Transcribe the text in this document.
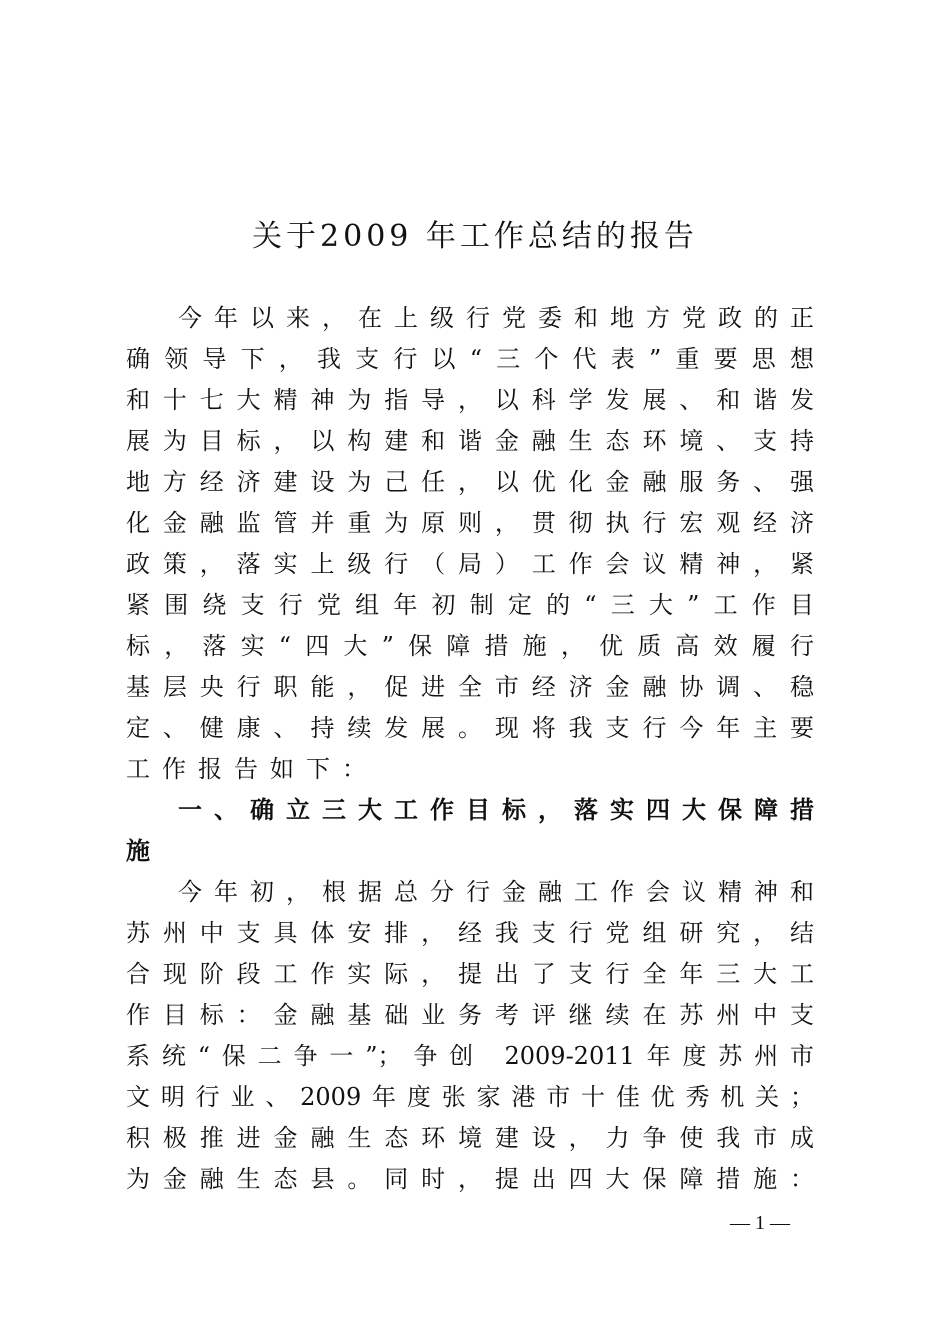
关于2009 年工作总结的报告
今年以来，在上级行党委和地方党政的正
确领导下，我支行以“三个代表”重要思想
和十七大精神为指导，以科学发展、和谐发
展为目标，以构建和谐金融生态环境、支持
地方经济建设为己任，以优化金融服务、强
化金融监管并重为原则，贯彻执行宏观经济
政策，落实上级行（局）工作会议精神，紧
紧围绕支行党组年初制定的“三大”工作目
标，落实“四大”保障措施，优质高效履行
基层央行职能，促进全市经济金融协调、稳
定、健康、持续发展。现将我支行今年主要
工作报告如下：
一、确立三大工作目标，落实四大保障措
施
今年初，根据总分行金融工作会议精神和
苏州中支具体安排，经我支行党组研究，结
合现阶段工作实际，提出了支行全年三大工
作目标：金融基础业务考评继续在苏州中支
系统“保二争一”；争创 2009-2011年度苏州市
文明行业、2009年度张家港市十佳优秀机关；
积极推进金融生态环境建设，力争使我市成
为金融生态县。同时，提出四大保障措施：
— 1 —
